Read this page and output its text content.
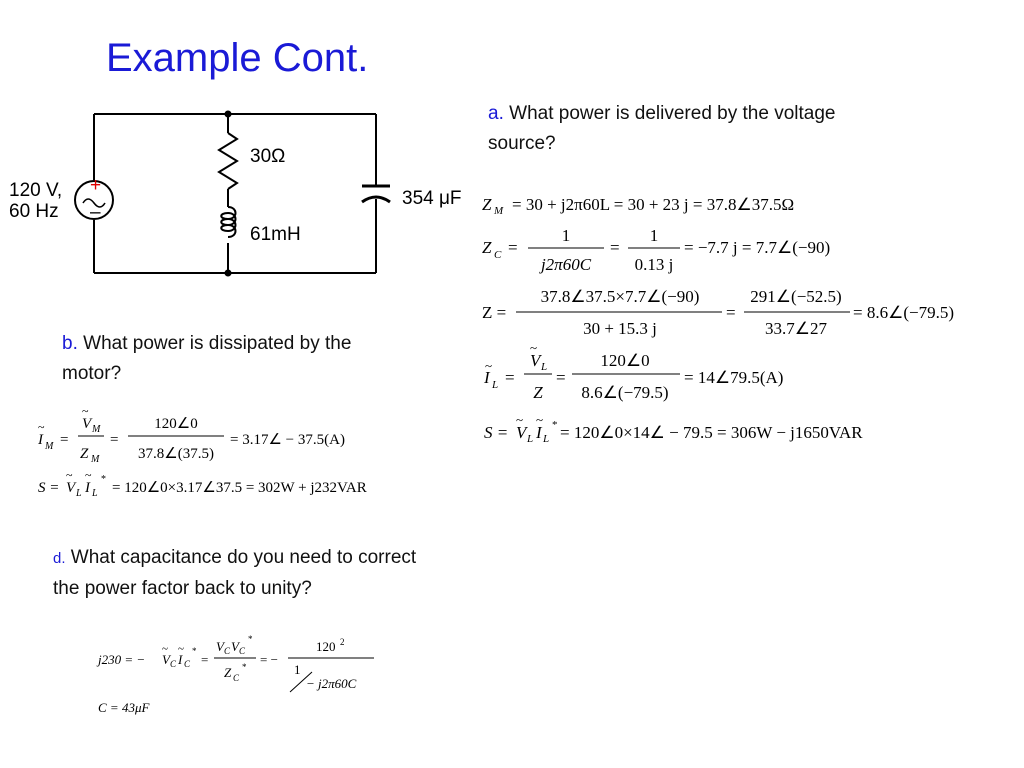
Example Cont.
+
–
120 V,
60 Hz
30Ω
61mH
354 μF
a. What power is delivered by the voltage
source?
b. What power is dissipated by the
motor?
d. What capacitance do you need to correct
the power factor back to unity?
Z M = 30 + j2π60L = 30 + 23 j = 37.8∠37.5Ω
Z C =
1
j2π60C
=
1
0.13 j
= −7.7 j = 7.7∠(−90)
Z =
37.8∠37.5×7.7∠(−90)
30 + 15.3 j
=
291∠(−52.5)
33.7∠27
= 8.6∠(−79.5)
I
~
L =
V
~
L
Z
=
120∠0
8.6∠(−79.5)
= 14∠79.5(A)
S = V
~
L I
~
L
* = 120∠0×14∠ − 79.5 = 306W − j1650VAR
I
~
M =
V
~
M
Z M
=
120∠0
37.8∠(37.5)
= 3.17∠ − 37.5(A)
S = V
~
L I
~
L
*
= 120∠0×3.17∠37.5 = 302W + j232VAR
j230 = − V
~
C I
~
C
*
=
V C V C
*
Z C
* = −
120 2
1
− j2π60C
C = 43μF
